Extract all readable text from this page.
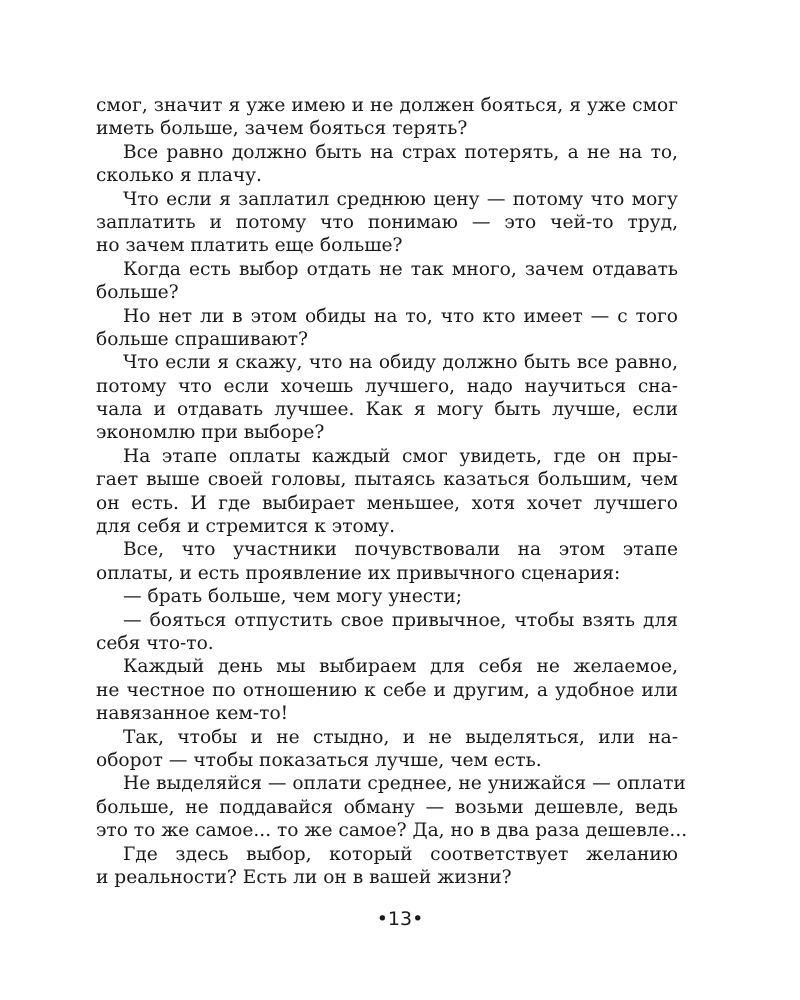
смог, значит я уже имею и не должен бояться, я уже смог
иметь больше, зачем бояться терять?
Все равно должно быть на страх потерять, а не на то,
сколько я плачу.
Что если я заплатил среднюю цену — потому что могу
заплатить и потому что понимаю — это чей-то труд,
но зачем платить еще больше?
Когда есть выбор отдать не так много, зачем отдавать
больше?
Но нет ли в этом обиды на то, что кто имеет — с того
больше спрашивают?
Что если я скажу, что на обиду должно быть все равно,
потому что если хочешь лучшего, надо научиться сна-
чала и отдавать лучшее. Как я могу быть лучше, если
экономлю при выборе?
На этапе оплаты каждый смог увидеть, где он пры-
гает выше своей головы, пытаясь казаться большим, чем
он есть. И где выбирает меньшее, хотя хочет лучшего
для себя и стремится к этому.
Все, что участники почувствовали на этом этапе
оплаты, и есть проявление их привычного сценария:
— брать больше, чем могу унести;
— бояться отпустить свое привычное, чтобы взять для
себя что-то.
Каждый день мы выбираем для себя не желаемое,
не честное по отношению к себе и другим, а удобное или
навязанное кем-то!
Так, чтобы и не стыдно, и не выделяться, или на-
оборот — чтобы показаться лучше, чем есть.
Не выделяйся — оплати среднее, не унижайся — оплати
больше, не поддавайся обману — возьми дешевле, ведь
это то же самое... то же самое? Да, но в два раза дешевле...
Где здесь выбор, который соответствует желанию
и реальности? Есть ли он в вашей жизни?
•13•
